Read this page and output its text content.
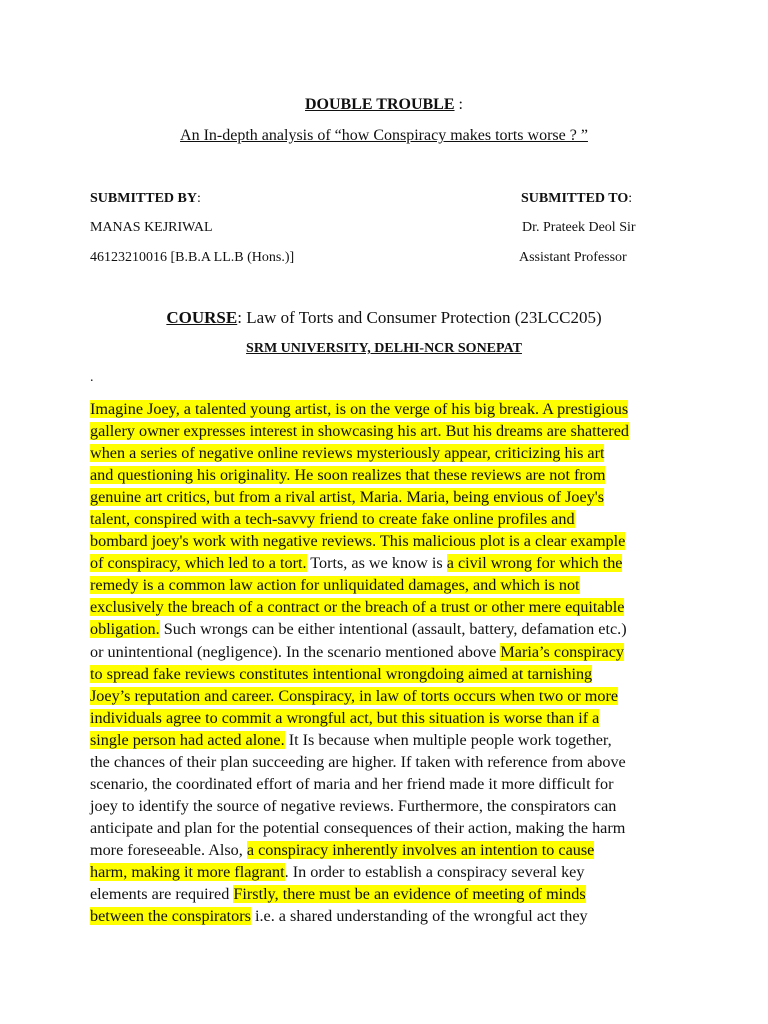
DOUBLE TROUBLE :
An In-depth analysis of “how Conspiracy makes torts worse ? ”
SUBMITTED BY:
MANAS KEJRIWAL
46123210016 [B.B.A LL.B (Hons.)]
SUBMITTED TO:
Dr. Prateek Deol Sir
Assistant Professor
COURSE: Law of Torts and Consumer Protection (23LCC205)
SRM UNIVERSITY, DELHI-NCR SONEPAT
.
Imagine Joey, a talented young artist, is on the verge of his big break. A prestigious
gallery owner expresses interest in showcasing his art. But his dreams are shattered
when a series of negative online reviews mysteriously appear, criticizing his art
and questioning his originality. He soon realizes that these reviews are not from
genuine art critics, but from a rival artist, Maria. Maria, being envious of Joey's
talent, conspired with a tech-savvy friend to create fake online profiles and
bombard joey's work with negative reviews. This malicious plot is a clear example
of conspiracy, which led to a tort. Torts, as we know is a civil wrong for which the
remedy is a common law action for unliquidated damages, and which is not
exclusively the breach of a contract or the breach of a trust or other mere equitable
obligation. Such wrongs can be either intentional (assault, battery, defamation etc.)
or unintentional (negligence). In the scenario mentioned above Maria’s conspiracy
to spread fake reviews constitutes intentional wrongdoing aimed at tarnishing
Joey’s reputation and career. Conspiracy, in law of torts occurs when two or more
individuals agree to commit a wrongful act, but this situation is worse than if a
single person had acted alone. It Is because when multiple people work together,
the chances of their plan succeeding are higher. If taken with reference from above
scenario, the coordinated effort of maria and her friend made it more difficult for
joey to identify the source of negative reviews. Furthermore, the conspirators can
anticipate and plan for the potential consequences of their action, making the harm
more foreseeable. Also, a conspiracy inherently involves an intention to cause
harm, making it more flagrant. In order to establish a conspiracy several key
elements are required Firstly, there must be an evidence of meeting of minds
between the conspirators i.e. a shared understanding of the wrongful act they
